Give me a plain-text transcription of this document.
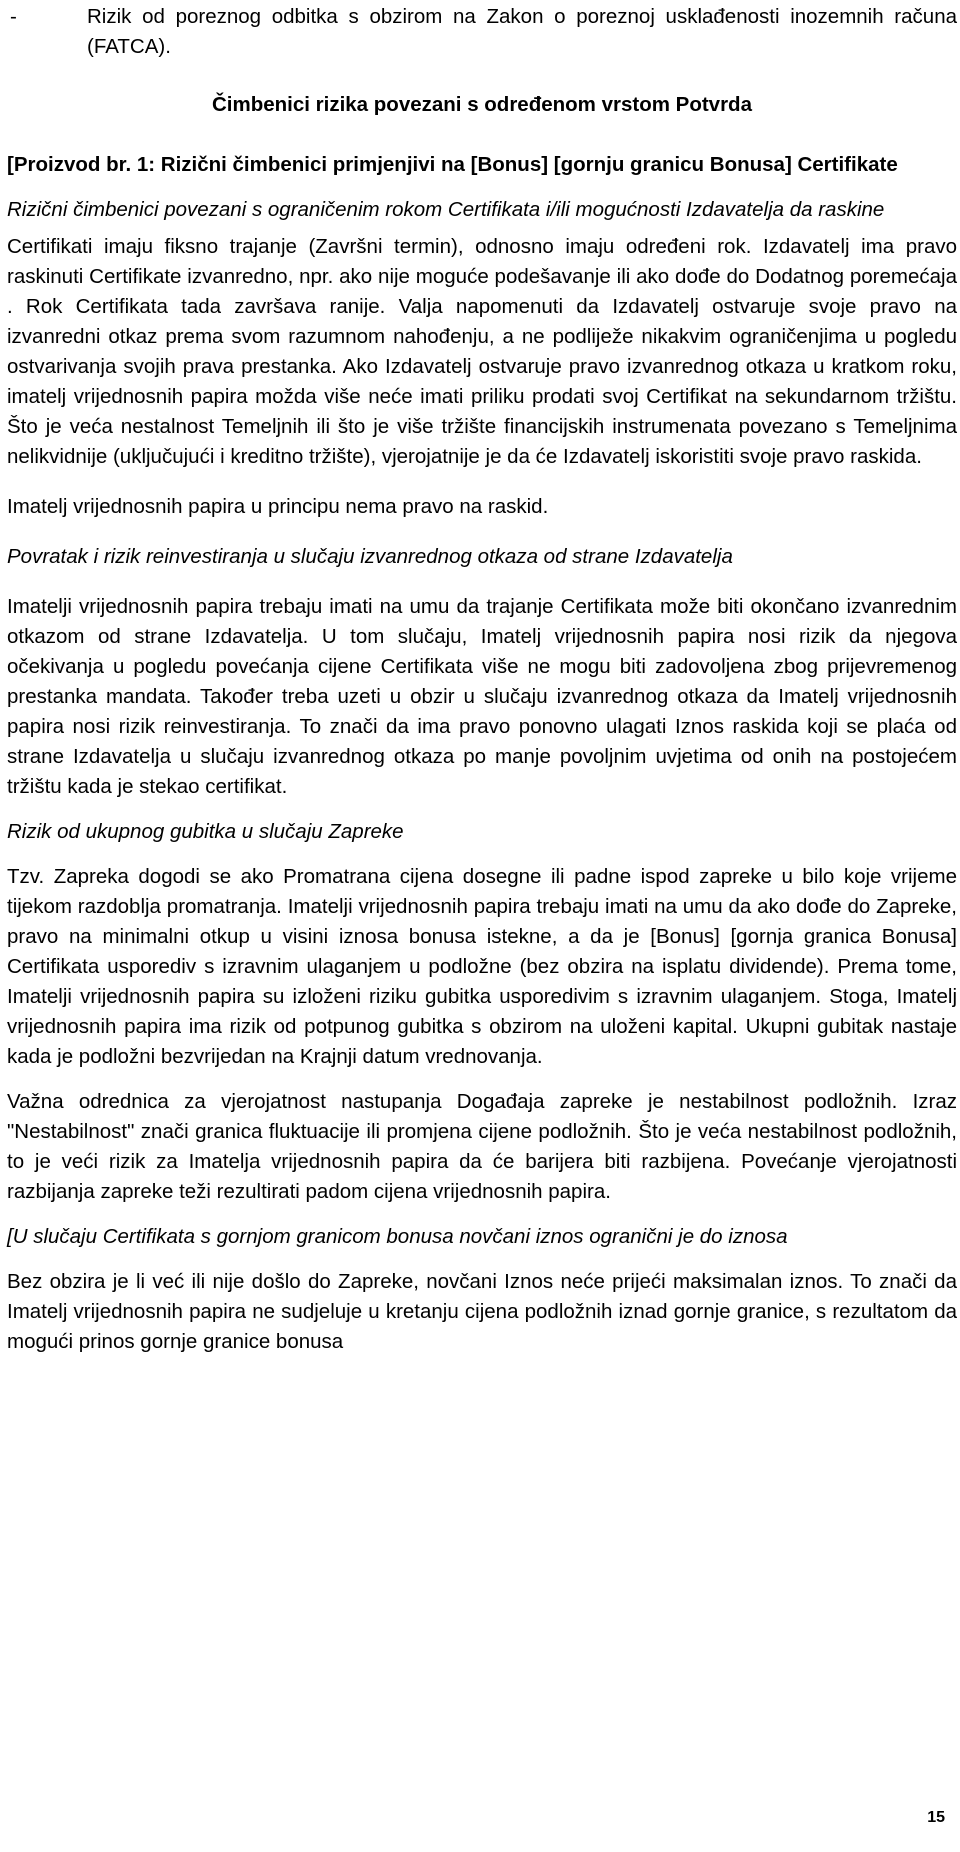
-	Rizik od poreznog odbitka s obzirom na Zakon o poreznoj usklađenosti inozemnih računa (FATCA).

Čimbenici rizika povezani s određenom vrstom Potvrda

[Proizvod br. 1: Rizični čimbenici primjenjivi na [Bonus] [gornju granicu Bonusa] Certifikate

Rizični čimbenici povezani s ograničenim rokom Certifikata i/ili mogućnosti Izdavatelja da raskine

Certifikati imaju fiksno trajanje (Završni termin), odnosno imaju određeni rok. Izdavatelj ima pravo raskinuti Certifikate izvanredno, npr. ako nije moguće podešavanje ili ako dođe do Dodatnog poremećaja . Rok Certifikata tada završava ranije. Valja napomenuti da Izdavatelj ostvaruje svoje pravo na izvanredni otkaz prema svom razumnom nahođenju, a ne podliježe nikakvim ograničenjima u pogledu ostvarivanja svojih prava prestanka. Ako Izdavatelj ostvaruje pravo izvanrednog otkaza u kratkom roku, imatelj vrijednosnih papira možda više neće imati priliku prodati svoj Certifikat na sekundarnom tržištu. Što je veća nestalnost Temeljnih ili što je više tržište financijskih instrumenata povezano s Temeljnima nelikvidnije (uključujući i kreditno tržište), vjerojatnije je da će Izdavatelj iskoristiti svoje pravo raskida.

Imatelj vrijednosnih papira u principu nema pravo na raskid.

Povratak i rizik reinvestiranja u slučaju izvanrednog otkaza od strane Izdavatelja

Imatelji vrijednosnih papira trebaju imati na umu da trajanje Certifikata može biti okončano izvanrednim otkazom od strane Izdavatelja. U tom slučaju, Imatelj vrijednosnih papira nosi rizik da njegova očekivanja u pogledu povećanja cijene Certifikata više ne mogu biti zadovoljena zbog prijevremenog prestanka mandata. Također treba uzeti u obzir u slučaju izvanrednog otkaza da Imatelj vrijednosnih papira nosi rizik reinvestiranja. To znači da ima pravo ponovno ulagati Iznos raskida koji se plaća od strane Izdavatelja u slučaju izvanrednog otkaza po manje povoljnim uvjetima od onih na postojećem tržištu kada je stekao certifikat.

Rizik od ukupnog gubitka u slučaju Zapreke

Tzv. Zapreka dogodi se ako Promatrana cijena dosegne ili padne ispod zapreke u bilo koje vrijeme tijekom razdoblja promatranja. Imatelji vrijednosnih papira trebaju imati na umu da ako dođe do Zapreke, pravo na minimalni otkup u visini iznosa bonusa istekne, a da je [Bonus] [gornja granica Bonusa] Certifikata usporediv s izravnim ulaganjem u podložne (bez obzira na isplatu dividende). Prema tome, Imatelji vrijednosnih papira su izloženi riziku gubitka usporedivim s izravnim ulaganjem. Stoga, Imatelj vrijednosnih papira ima rizik od potpunog gubitka s obzirom na uloženi kapital. Ukupni gubitak nastaje kada je podložni bezvrijedan na Krajnji datum vrednovanja.

Važna odrednica za vjerojatnost nastupanja Događaja zapreke je nestabilnost podložnih. Izraz "Nestabilnost" znači granica fluktuacije ili promjena cijene podložnih. Što je veća nestabilnost podložnih, to je veći rizik za Imatelja vrijednosnih papira da će barijera biti razbijena. Povećanje vjerojatnosti razbijanja zapreke teži rezultirati padom cijena vrijednosnih papira.

[U slučaju Certifikata s gornjom granicom bonusa novčani iznos ogranični je do iznosa

Bez obzira je li već ili nije došlo do Zapreke, novčani Iznos neće prijeći maksimalan iznos. To znači da Imatelj vrijednosnih papira ne sudjeluje u kretanju cijena podložnih iznad gornje granice, s rezultatom da mogući prinos gornje granice bonusa

15
